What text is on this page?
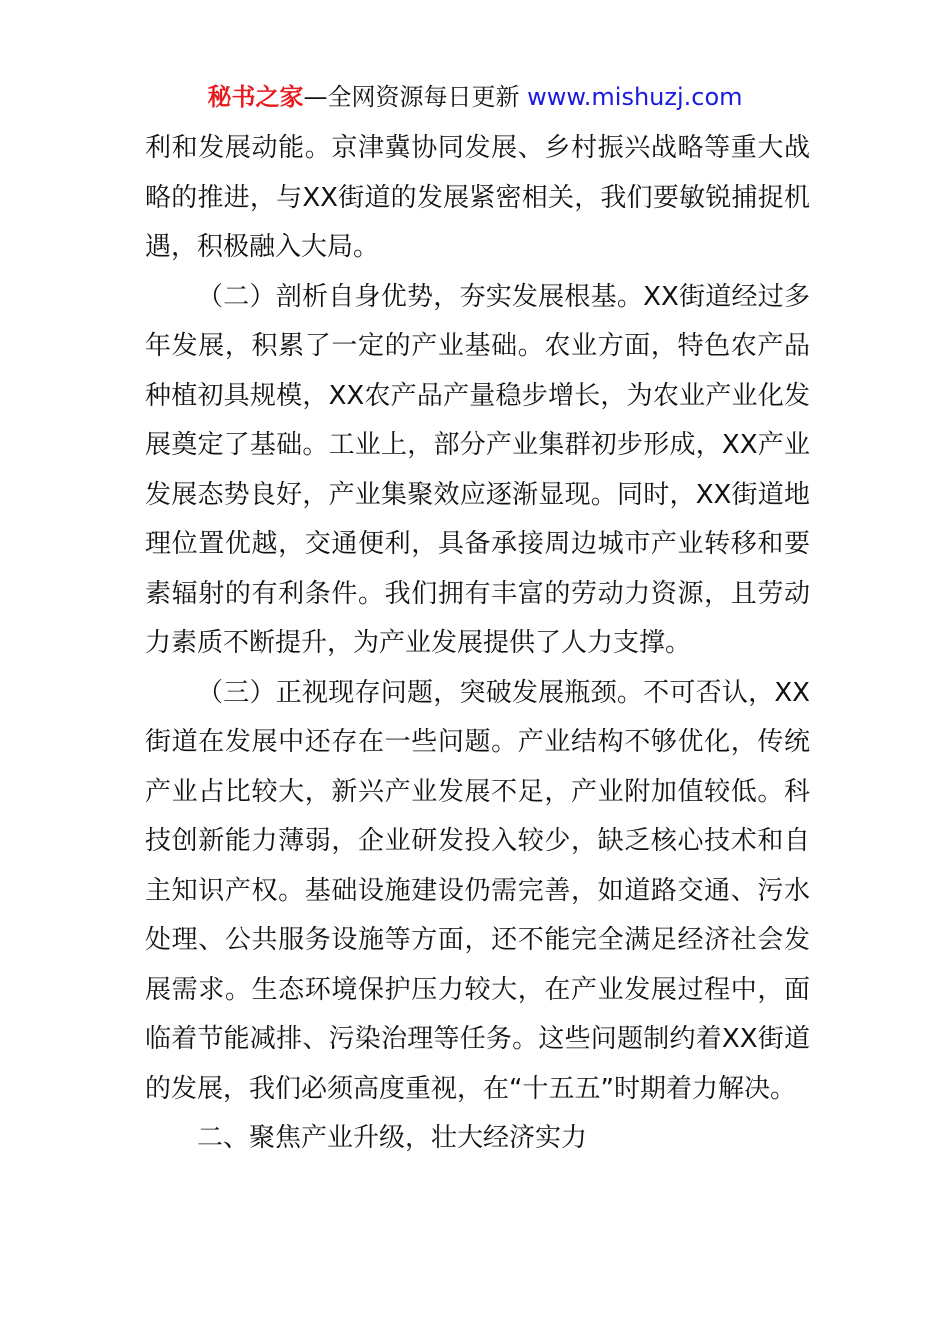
秘书之家—全网资源每日更新 www.mishuzj.com

利和发展动能。京津冀协同发展、乡村振兴战略等重大战略的推进，与XX街道的发展紧密相关，我们要敏锐捕捉机遇，积极融入大局。

（二）剖析自身优势，夯实发展根基。XX街道经过多年发展，积累了一定的产业基础。农业方面，特色农产品种植初具规模，XX农产品产量稳步增长，为农业产业化发展奠定了基础。工业上，部分产业集群初步形成，XX产业发展态势良好，产业集聚效应逐渐显现。同时，XX街道地理位置优越，交通便利，具备承接周边城市产业转移和要素辐射的有利条件。我们拥有丰富的劳动力资源，且劳动力素质不断提升，为产业发展提供了人力支撑。

（三）正视现存问题，突破发展瓶颈。不可否认，XX街道在发展中还存在一些问题。产业结构不够优化，传统产业占比较大，新兴产业发展不足，产业附加值较低。科技创新能力薄弱，企业研发投入较少，缺乏核心技术和自主知识产权。基础设施建设仍需完善，如道路交通、污水处理、公共服务设施等方面，还不能完全满足经济社会发展需求。生态环境保护压力较大，在产业发展过程中，面临着节能减排、污染治理等任务。这些问题制约着XX街道的发展，我们必须高度重视，在“十五五”时期着力解决。

二、聚焦产业升级，壮大经济实力
